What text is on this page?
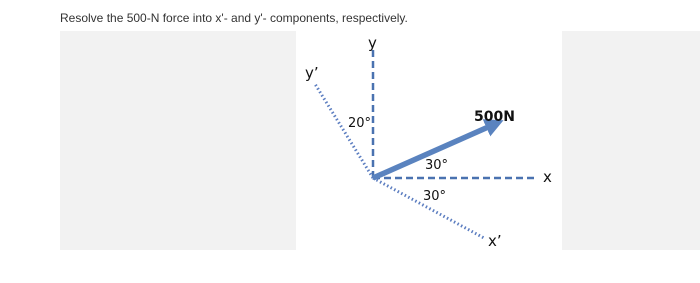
Resolve the 500-N force into x'- and y'- components, respectively.

y
y’
x
x’
20°
30°
30°
500N
